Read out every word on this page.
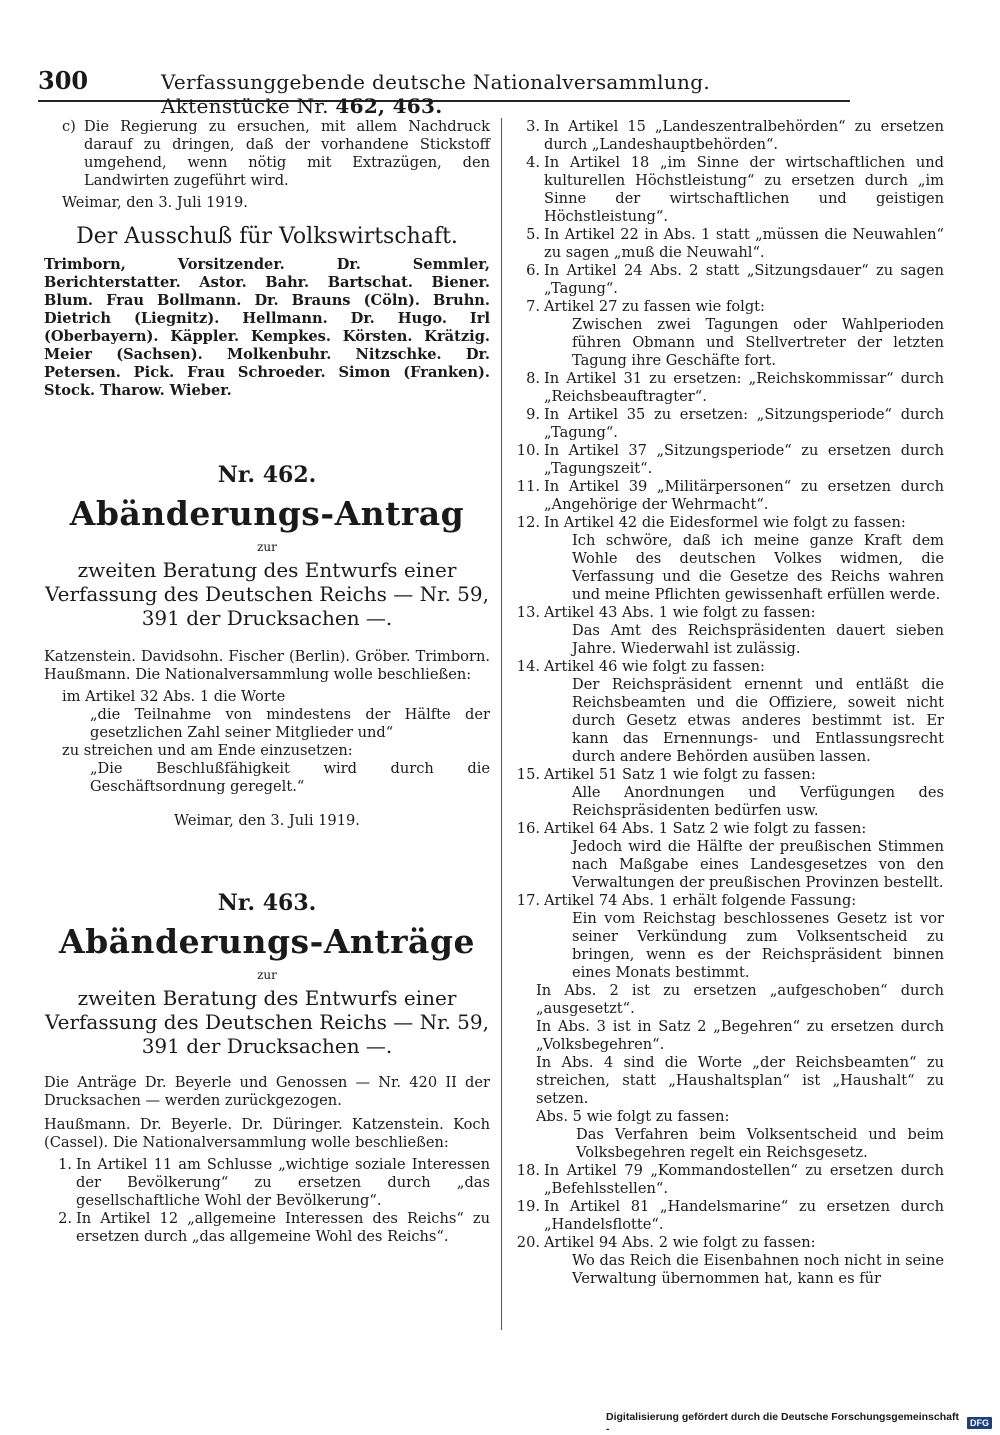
300	Verfassunggebende deutsche Nationalversammlung.     Aktenstücke Nr. 462, 463.
c) Die Regierung zu ersuchen, mit allem Nachdruck darauf zu dringen, daß der vorhandene Stickstoff umgehend, wenn nötig mit Extrazügen, den Landwirten zugeführt wird.
Weimar, den 3. Juli 1919.
Der Ausschuß für Volkswirtschaft.
Trimborn, Vorsitzender. Dr. Semmler, Berichterstatter. Astor. Bahr. Bartschat. Biener. Blum. Frau Bollmann. Dr. Brauns (Cöln). Bruhn. Dietrich (Liegnitz). Hellmann. Dr. Hugo. Irl (Oberbayern). Käppler. Kempkes. Körsten. Krätzig. Meier (Sachsen). Molkenbuhr. Nitzschke. Dr. Petersen. Pick. Frau Schroeder. Simon (Franken). Stock. Tharow. Wieber.
Nr. 462.
Abänderungs-Antrag
zur
zweiten Beratung des Entwurfs einer Verfassung des Deutschen Reichs — Nr. 59, 391 der Drucksachen —.
Katzenstein. Davidsohn. Fischer (Berlin). Gröber. Trimborn. Haußmann. Die Nationalversammlung wolle beschließen:
im Artikel 32 Abs. 1 die Worte
„die Teilnahme von mindestens der Hälfte der gesetzlichen Zahl seiner Mitglieder und“
zu streichen und am Ende einzusetzen:
„Die Beschlußfähigkeit wird durch die Geschäftsordnung geregelt.“
Weimar, den 3. Juli 1919.
Nr. 463.
Abänderungs-Anträge
zur
zweiten Beratung des Entwurfs einer Verfassung des Deutschen Reichs — Nr. 59, 391 der Drucksachen —.
Die Anträge Dr. Beyerle und Genossen — Nr. 420 II der Drucksachen — werden zurückgezogen.
Haußmann. Dr. Beyerle. Dr. Düringer. Katzenstein. Koch (Cassel). Die Nationalversammlung wolle beschließen:
1. In Artikel 11 am Schlusse „wichtige soziale Interessen der Bevölkerung“ zu ersetzen durch „das gesellschaftliche Wohl der Bevölkerung“.
2. In Artikel 12 „allgemeine Interessen des Reichs“ zu ersetzen durch „das allgemeine Wohl des Reichs“.
3. In Artikel 15 „Landeszentralbehörden“ zu ersetzen durch „Landeshauptbehörden“.
4. In Artikel 18 „im Sinne der wirtschaftlichen und kulturellen Höchstleistung“ zu ersetzen durch „im Sinne der wirtschaftlichen und geistigen Höchstleistung“.
5. In Artikel 22 in Abs. 1 statt „müssen die Neuwahlen“ zu sagen „muß die Neuwahl“.
6. In Artikel 24 Abs. 2 statt „Sitzungsdauer“ zu sagen „Tagung“.
7. Artikel 27 zu fassen wie folgt:
Zwischen zwei Tagungen oder Wahlperioden führen Obmann und Stellvertreter der letzten Tagung ihre Geschäfte fort.
8. In Artikel 31 zu ersetzen: „Reichskommissar“ durch „Reichsbeauftragter“.
9. In Artikel 35 zu ersetzen: „Sitzungsperiode“ durch „Tagung“.
10. In Artikel 37 „Sitzungsperiode“ zu ersetzen durch „Tagungszeit“.
11. In Artikel 39 „Militärpersonen“ zu ersetzen durch „Angehörige der Wehrmacht“.
12. In Artikel 42 die Eidesformel wie folgt zu fassen:
Ich schwöre, daß ich meine ganze Kraft dem Wohle des deutschen Volkes widmen, die Verfassung und die Gesetze des Reichs wahren und meine Pflichten gewissenhaft erfüllen werde.
13. Artikel 43 Abs. 1 wie folgt zu fassen:
Das Amt des Reichspräsidenten dauert sieben Jahre. Wiederwahl ist zulässig.
14. Artikel 46 wie folgt zu fassen:
Der Reichspräsident ernennt und entläßt die Reichsbeamten und die Offiziere, soweit nicht durch Gesetz etwas anderes bestimmt ist. Er kann das Ernennungs- und Entlassungsrecht durch andere Behörden ausüben lassen.
15. Artikel 51 Satz 1 wie folgt zu fassen:
Alle Anordnungen und Verfügungen des Reichspräsidenten bedürfen usw.
16. Artikel 64 Abs. 1 Satz 2 wie folgt zu fassen:
Jedoch wird die Hälfte der preußischen Stimmen nach Maßgabe eines Landesgesetzes von den Verwaltungen der preußischen Provinzen bestellt.
17. Artikel 74 Abs. 1 erhält folgende Fassung:
Ein vom Reichstag beschlossenes Gesetz ist vor seiner Verkündung zum Volksentscheid zu bringen, wenn es der Reichspräsident binnen eines Monats bestimmt.
In Abs. 2 ist zu ersetzen „aufgeschoben“ durch „ausgesetzt“.
In Abs. 3 ist in Satz 2 „Begehren“ zu ersetzen durch „Volksbegehren“.
In Abs. 4 sind die Worte „der Reichsbeamten“ zu streichen, statt „Haushaltsplan“ ist „Haushalt“ zu setzen.
Abs. 5 wie folgt zu fassen:
Das Verfahren beim Volksentscheid und beim Volksbegehren regelt ein Reichsgesetz.
18. In Artikel 79 „Kommandostellen“ zu ersetzen durch „Befehlsstellen“.
19. In Artikel 81 „Handelsmarine“ zu ersetzen durch „Handelsflotte“.
20. Artikel 94 Abs. 2 wie folgt zu fassen:
Wo das Reich die Eisenbahnen noch nicht in seine Verwaltung übernommen hat, kann es für
Digitalisierung gefördert durch die Deutsche Forschungsgemeinschaft -	DFG
